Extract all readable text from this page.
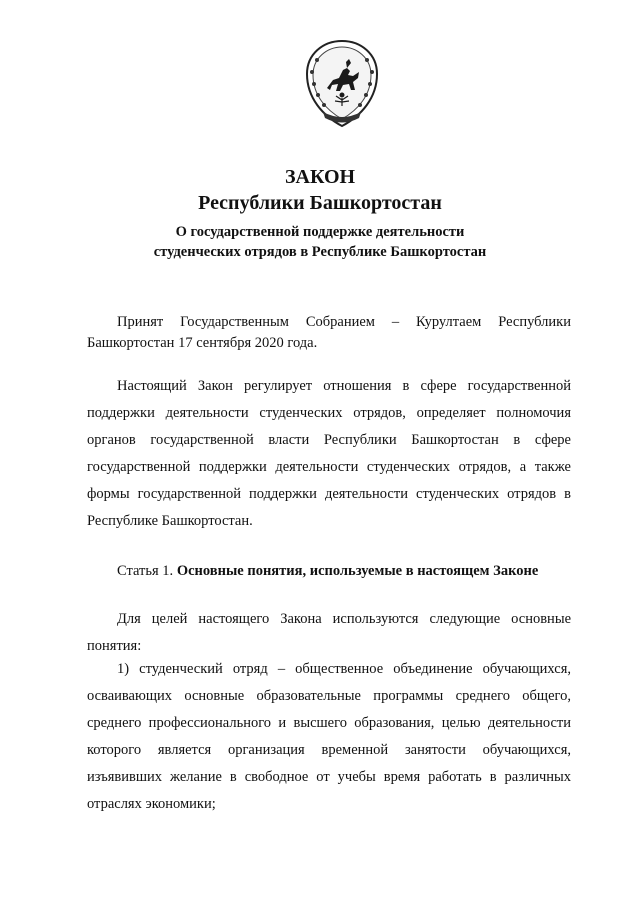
ЗАКОН
Республики Башкортостан
О государственной поддержке деятельности
студенческих отрядов в Республике Башкортостан
Принят Государственным Собранием – Курултаем Республики Башкортостан 17 сентября 2020 года.
Настоящий Закон регулирует отношения в сфере государственной поддержки деятельности студенческих отрядов, определяет полномочия органов государственной власти Республики Башкортостан в сфере государственной поддержки деятельности студенческих отрядов, а также формы государственной поддержки деятельности студенческих отрядов в Республике Башкортостан.
Статья 1. Основные понятия, используемые в настоящем Законе
Для целей настоящего Закона используются следующие основные понятия:
1) студенческий отряд – общественное объединение обучающихся, осваивающих основные образовательные программы среднего общего, среднего профессионального и высшего образования, целью деятельности которого является организация временной занятости обучающихся, изъявивших желание в свободное от учебы время работать в различных отраслях экономики;
